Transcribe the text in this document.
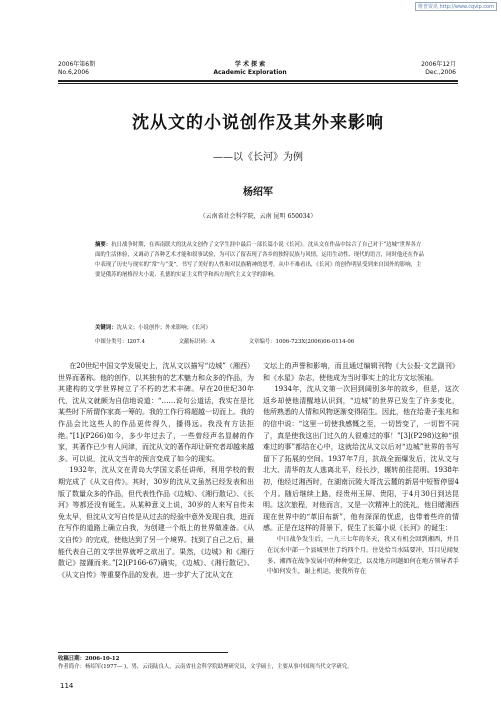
维普资讯 http://www.cqvip.com
2006年第6期
No.6,2006
学 术 探 索
Academic Exploration
2006年12月
Dec.,2006
沈从文的小说创作及其外来影响
——以《长河》为例
杨绍军
（云南省社会科学院，云南 昆明 650034）
摘要：抗日战争时期，在西南联大的沈从文创作了文学生涯中最后一部长篇小说《长河》。沈从文在作品中综合了自己对于“边城”世界各方面的生活体验，又调动了各种艺术才能和叙事试验，为可以了留表现了各乡的独特民族与风情，运用生动性、现代的语言，同时他还在作品中表现了历史与现实的“常”与“变”，书写了美好的人性和对民族精神的思考。从中不难看出，《长河》的创作明显受到来自国外的影响，主要是俄苏的屠格涅夫小说、孔德的实证主义哲学和西方现代主义文学的影响。
关键词：沈从文；小说创作；外来影响；《长河》
中图分类号：I207.4	文献标识码：A	文章编号：1006-723X(2006)06-0114-06

在20世纪中国文学发展史上，沈从文以描写“边城”（湘西）世界而著称。他的创作，以其独有的艺术魅力和众多的作品，为其建构的文学世界树立了不朽的艺术丰碑。早在20世纪30年代，沈从文就颇为自信地说道：“……说句公道话，我实在是比某些时下所谓作家高一筹的。我的工作行将超越一切而上。我的作品会比这些人的作品更传得久，播得远。我没有方法拒绝。”[1](P266)如今，多少年过去了，一些曾经声名显赫的作家，其著作已少有人问津，而沈从文的著作却让研究者却越来越多。可以说，沈从文当年的预言变成了如今的现实。

1932年，沈从文在青岛大学国文系任讲师，利用学校的假期完成了《从文自传》。其时，30岁的沈从文虽然已经发表和出版了数量众多的作品，但代表性作品《边城》、《湘行散记》、《长河》等都还没有诞生。从某种意义上说，30岁的人来写自传未免太早，但沈从文写自传是从过去的经验中意外发现自我，进而在写作的道路上确立自我，为创建一个纸上的世界做准备。《从文自传》的完成，使他达到了另一个境界。找到了自己之后，最能代表自己的文学世界就呼之欲出了。果然，《边城》和《湘行散记》接踵而来。”[2](P166-67)确实，《边城》、《湘行散记》、《从文自传》等重要作品的发表，进一步扩大了沈从文在

文坛上的声誉和影响，而且通过编辑刊物《大公报·文艺副刊》和《水星》杂志，使他成为当时事实上的北方文坛领袖。

1934年，沈从文第一次回到阔别多年的故乡，但是，这次返乡却使他清醒地认识到，“边城”的世界已发生了许多变化，他所熟悉的人情和风物逐渐变得陌生。因此，他在给妻子张兆和的信中说：“这里一切使我感慨之至，一切皆变了，一切皆不同了，真是使我这出门过久的人很难过的事！”[3](P298)这种“很难过的事”都结在心中，这就给沈从文以后对“边城”世界的书写留下了拓展的空间。1937年7月，抗战全面爆发后，沈从文与北大、清华的友人逃离北平，经长沙，辗转前往昆明。1938年初，他经过湘西时，在湖南沅陵大哥沈云麓的新居中短暂停留4个月。随后继续上路，经贵州玉屏、贵阳，于4月30日到达昆明。这次旅程，对他而言，又是一次精神上的洗礼，他目睹湘西现在世界中的“革旧布新”，他有深深的忧虑，也带着些许的情感。正是在这样的背景下，促生了长篇小说《长河》的诞生：

中日战争发生后，一九三七年的冬天，我又有机会回到湘西，并且在沅水中部一个县城里住了约四个月。住处恰当水陆要冲，耳目见闻复多，湘西在战争发展中的种种变迁，以及地方问题如何在地方领导者手中如何发生，谢上机运，使我所存在

收稿日期：2006-10-12
作者简介：杨绍军(1977— )，男，云南陆良人，云南省社会科学院助理研究员，文学硕士，主要从事中国现当代文学研究。
114
